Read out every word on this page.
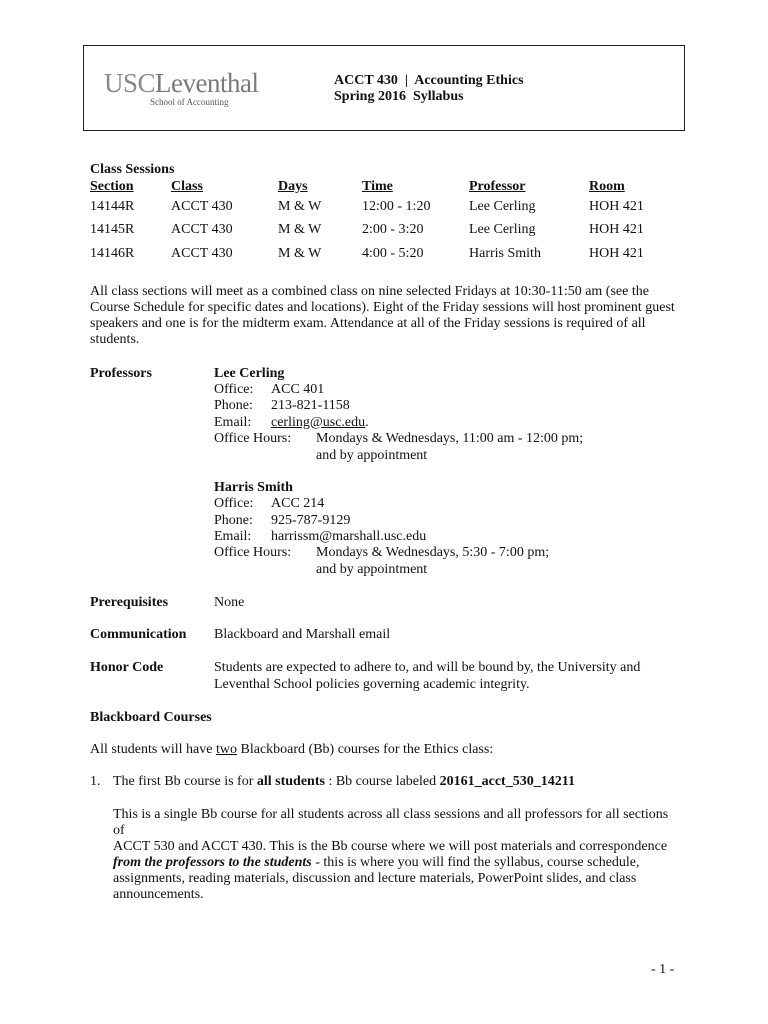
USCLeventhal
School of Accounting
ACCT 430  |  Accounting Ethics
Spring 2016  Syllabus
Class Sessions
Section	Class	Days	Time	Professor	Room
14144R	ACCT 430	M & W	12:00 - 1:20	Lee Cerling	HOH 421
14145R	ACCT 430	M & W	2:00 - 3:20	Lee Cerling	HOH 421
14146R	ACCT 430	M & W	4:00 - 5:20	Harris Smith	HOH 421
All class sections will meet as a combined class on nine selected Fridays at 10:30-11:50 am (see the
Course Schedule for specific dates and locations). Eight of the Friday sessions will host prominent guest
speakers and one is for the midterm exam. Attendance at all of the Friday sessions is required of all
students.
Professors	Lee Cerling
Office: ACC 401
Phone: 213-821-1158
Email: cerling@usc.edu.
Office Hours: Mondays & Wednesdays, 11:00 am - 12:00 pm;
and by appointment
Harris Smith
Office: ACC 214
Phone: 925-787-9129
Email: harrissm@marshall.usc.edu
Office Hours: Mondays & Wednesdays, 5:30 - 7:00 pm;
and by appointment
Prerequisites	None
Communication Blackboard and Marshall email
Honor Code	Students are expected to adhere to, and will be bound by, the University and
Leventhal School policies governing academic integrity.
Blackboard Courses
All students will have two Blackboard (Bb) courses for the Ethics class:
1. The first Bb course is for all students : Bb course labeled 20161_acct_530_14211
This is a single Bb course for all students across all class sessions and all professors for all sections of
ACCT 530 and ACCT 430. This is the Bb course where we will post materials and correspondence
from the professors to the students - this is where you will find the syllabus, course schedule,
assignments, reading materials, discussion and lecture materials, PowerPoint slides, and class
announcements.
- 1 -
